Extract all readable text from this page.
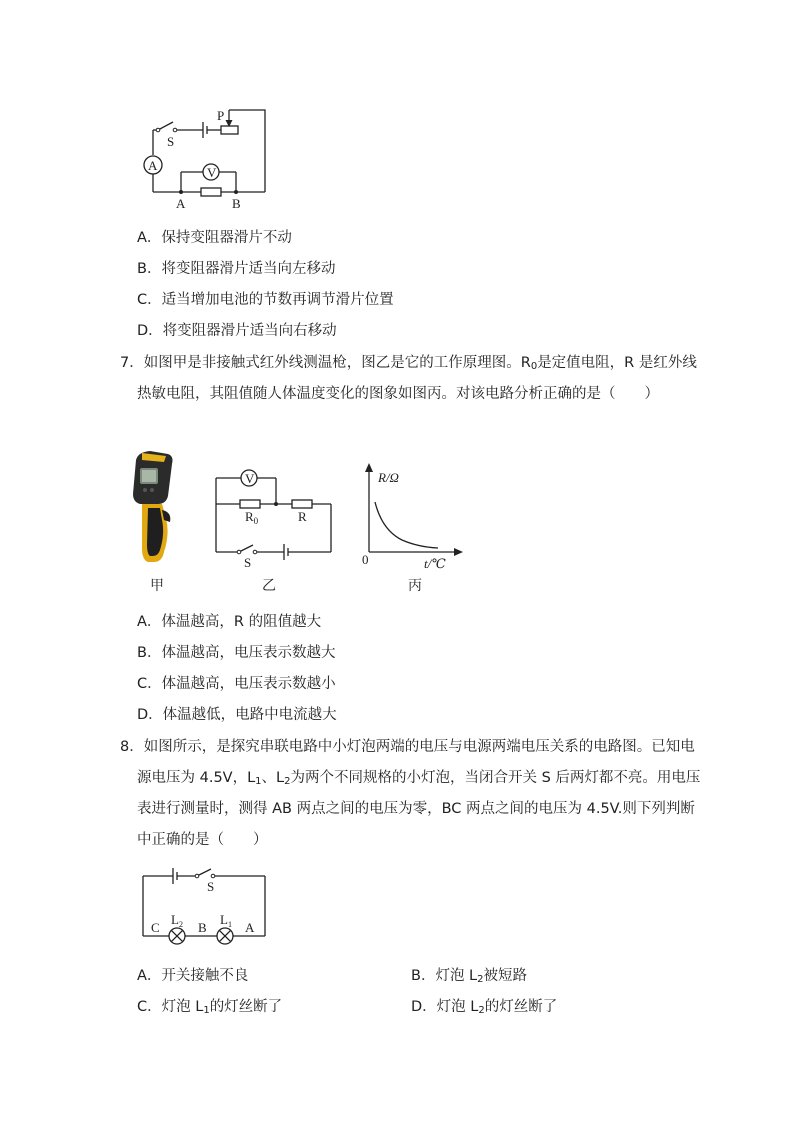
P
S
A	V
A	B
A．保持变阻器滑片不动
B．将变阻器滑片适当向左移动
C．适当增加电池的节数再调节滑片位置
D．将变阻器滑片适当向右移动
7．如图甲是非接触式红外线测温枪，图乙是它的工作原理图。$R_0$是定值电阻，R 是红外线
热敏电阻，其阻值随人体温度变化的图象如图丙。对该电路分析正确的是（　　）
V
$R_0$	R
S
R/Ω
0	t/℃
甲	乙	丙
A．体温越高，R 的阻值越大
B．体温越高，电压表示数越大
C．体温越高，电压表示数越小
D．体温越低，电路中电流越大
8．如图所示，是探究串联电路中小灯泡两端的电压与电源两端电压关系的电路图。已知电
源电压为 4.5V，$L_1$、$L_2$为两个不同规格的小灯泡，当闭合开关 S 后两灯都不亮。用电压
表进行测量时，测得 AB 两点之间的电压为零，BC 两点之间的电压为 4.5V.则下列判断
中正确的是（　　）
S
C	B	A
$L_2$	$L_1$
A．开关接触不良	B．灯泡 $L_2$被短路
C．灯泡 $L_1$的灯丝断了	D．灯泡 $L_2$的灯丝断了
